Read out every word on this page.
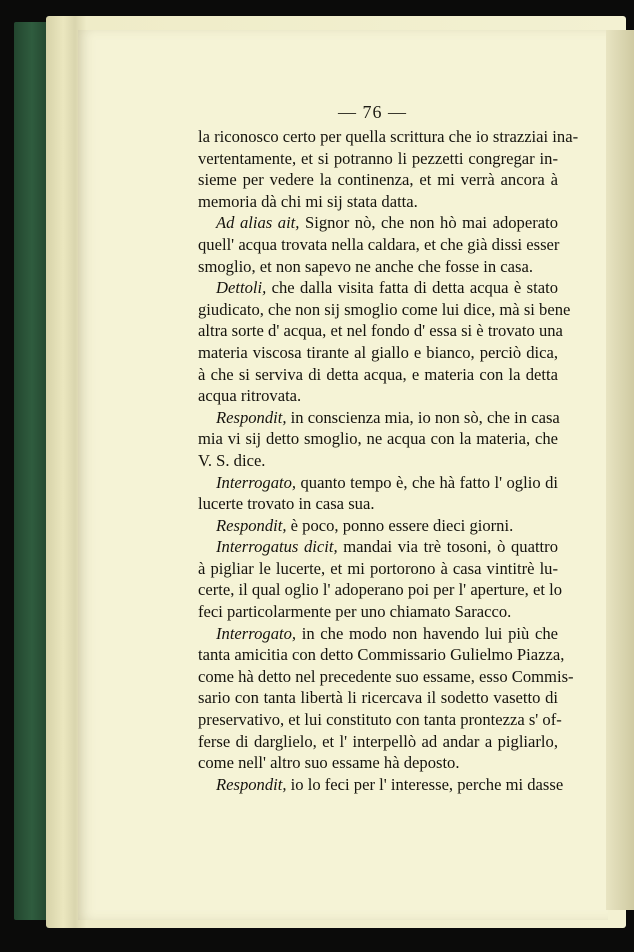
— 76 —
la riconosco certo per quella scrittura che io strazziai ina-
vertentamente, et si potranno li pezzetti congregar in-
sieme per vedere la continenza, et mi verrà ancora à
memoria dà chi mi sij stata datta.
Ad alias ait, Signor nò, che non hò mai adoperato
quell' acqua trovata nella caldara, et che già dissi esser
smoglio, et non sapevo ne anche che fosse in casa.
Dettoli, che dalla visita fatta di detta acqua è stato
giudicato, che non sij smoglio come lui dice, mà si bene
altra sorte d' acqua, et nel fondo d' essa si è trovato una
materia viscosa tirante al giallo e bianco, perciò dica,
à che si serviva di detta acqua, e materia con la detta
acqua ritrovata.
Respondit, in conscienza mia, io non sò, che in casa
mia vi sij detto smoglio, ne acqua con la materia, che
V. S. dice.
Interrogato, quanto tempo è, che hà fatto l' oglio di
lucerte trovato in casa sua.
Respondit, è poco, ponno essere dieci giorni.
Interrogatus dicit, mandai via trè tosoni, ò quattro
à pigliar le lucerte, et mi portorono à casa vintitrè lu-
certe, il qual oglio l' adoperano poi per l' aperture, et lo
feci particolarmente per uno chiamato Saracco.
Interrogato, in che modo non havendo lui più che
tanta amicitia con detto Commissario Gulielmo Piazza,
come hà detto nel precedente suo essame, esso Commis-
sario con tanta libertà li ricercava il sodetto vasetto di
preservativo, et lui constituto con tanta prontezza s' of-
ferse di darglielo, et l' interpellò ad andar a pigliarlo,
come nell' altro suo essame hà deposto.
Respondit, io lo feci per l' interesse, perche mi dasse
